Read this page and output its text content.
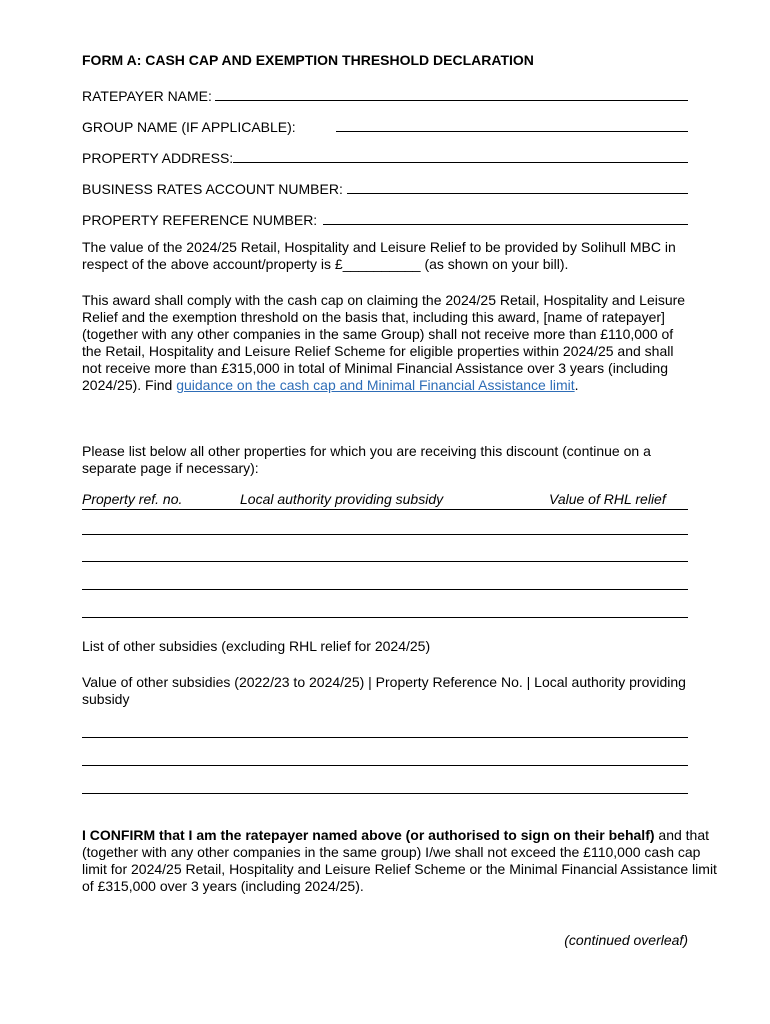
FORM A: CASH CAP AND EXEMPTION THRESHOLD DECLARATION
RATEPAYER NAME:
GROUP NAME (IF APPLICABLE):
PROPERTY ADDRESS:
BUSINESS RATES ACCOUNT NUMBER:
PROPERTY REFERENCE NUMBER:
The value of the 2024/25 Retail, Hospitality and Leisure Relief to be provided by Solihull MBC in respect of the above account/property is £__________ (as shown on your bill).
This award shall comply with the cash cap on claiming the 2024/25 Retail, Hospitality and Leisure Relief and the exemption threshold on the basis that, including this award, [name of ratepayer] (together with any other companies in the same Group) shall not receive more than £110,000 of the Retail, Hospitality and Leisure Relief Scheme for eligible properties within 2024/25 and shall not receive more than £315,000 in total of Minimal Financial Assistance over 3 years (including 2024/25). Find guidance on the cash cap and Minimal Financial Assistance limit.
Please list below all other properties for which you are receiving this discount (continue on a separate page if necessary):
Property ref. no.	Local authority providing subsidy	Value of RHL relief
List of other subsidies (excluding RHL relief for 2024/25)
Value of other subsidies (2022/23 to 2024/25) | Property Reference No. | Local authority providing subsidy
I CONFIRM that I am the ratepayer named above (or authorised to sign on their behalf) and that (together with any other companies in the same group) I/we shall not exceed the £110,000 cash cap limit for 2024/25 Retail, Hospitality and Leisure Relief Scheme or the Minimal Financial Assistance limit of £315,000 over 3 years (including 2024/25).
(continued overleaf)
